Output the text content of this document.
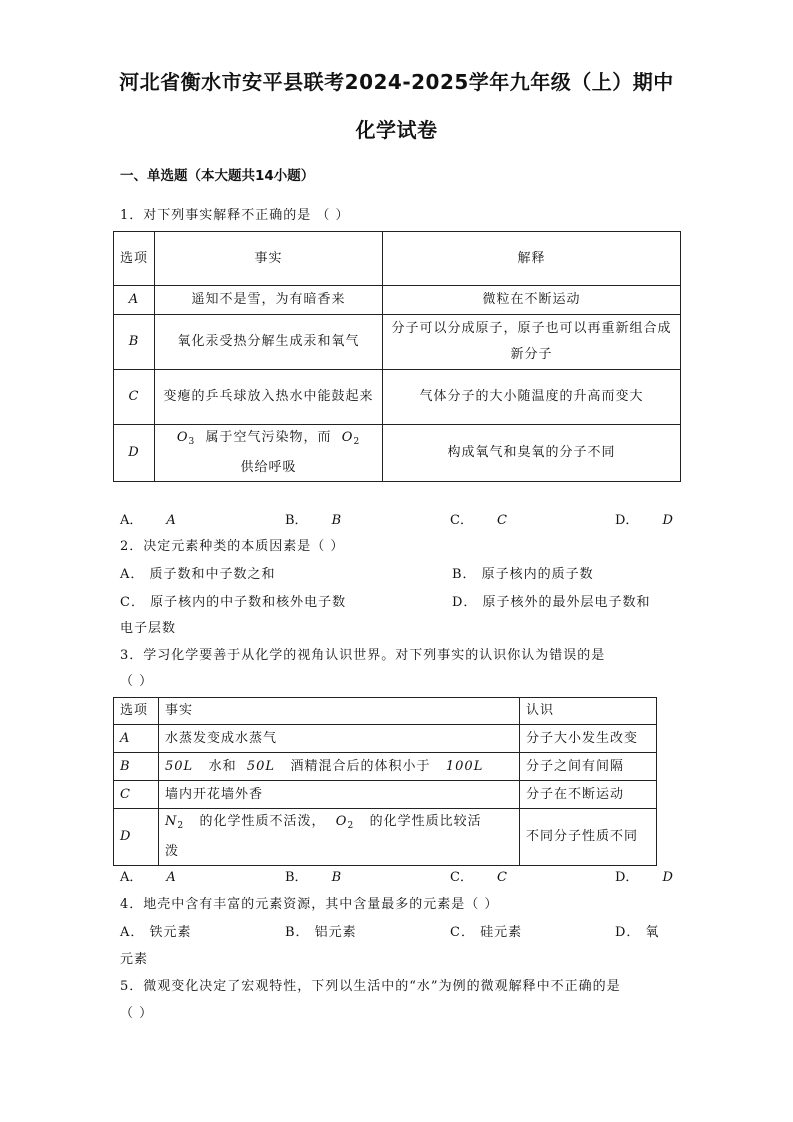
河北省衡水市安平县联考2024-2025学年九年级（上）期中
化学试卷
一、单选题（本大题共14小题）
1．对下列事实解释不正确的是 （ ）
选项	事实	解释
A	遥知不是雪，为有暗香来	微粒在不断运动
B	氧化汞受热分解生成汞和氧气	分子可以分成原子，原子也可以再重新组合成新分子
C	变瘪的乒乓球放入热水中能鼓起来	气体分子的大小随温度的升高而变大
D	$O_3$ 属于空气污染物，而 $O_2$
供给呼吸	构成氧气和臭氧的分子不同
A． A	B． B	C． C	D． D
2．决定元素种类的本质因素是（ ）
A． 质子数和中子数之和	B． 原子核内的质子数
C． 原子核内的中子数和核外电子数	D． 原子核外的最外层电子数和
电子层数
3．学习化学要善于从化学的视角认识世界。对下列事实的认识你认为错误的是
（ ）
选项	事实	认识
A	水蒸发变成水蒸气	分子大小发生改变
B	50L 水和 50L 酒精混合后的体积小于 100L	分子之间有间隔
C	墙内开花墙外香	分子在不断运动
D	$N_2$ 的化学性质不活泼， $O_2$ 的化学性质比较活
泼	不同分子性质不同
A． A	B． B	C． C	D． D
4．地壳中含有丰富的元素资源，其中含量最多的元素是（ ）
A． 铁元素	B． 铝元素	C． 硅元素	D． 氧
元素
5．微观变化决定了宏观特性，下列以生活中的“水”为例的微观解释中不正确的是
（ ）
